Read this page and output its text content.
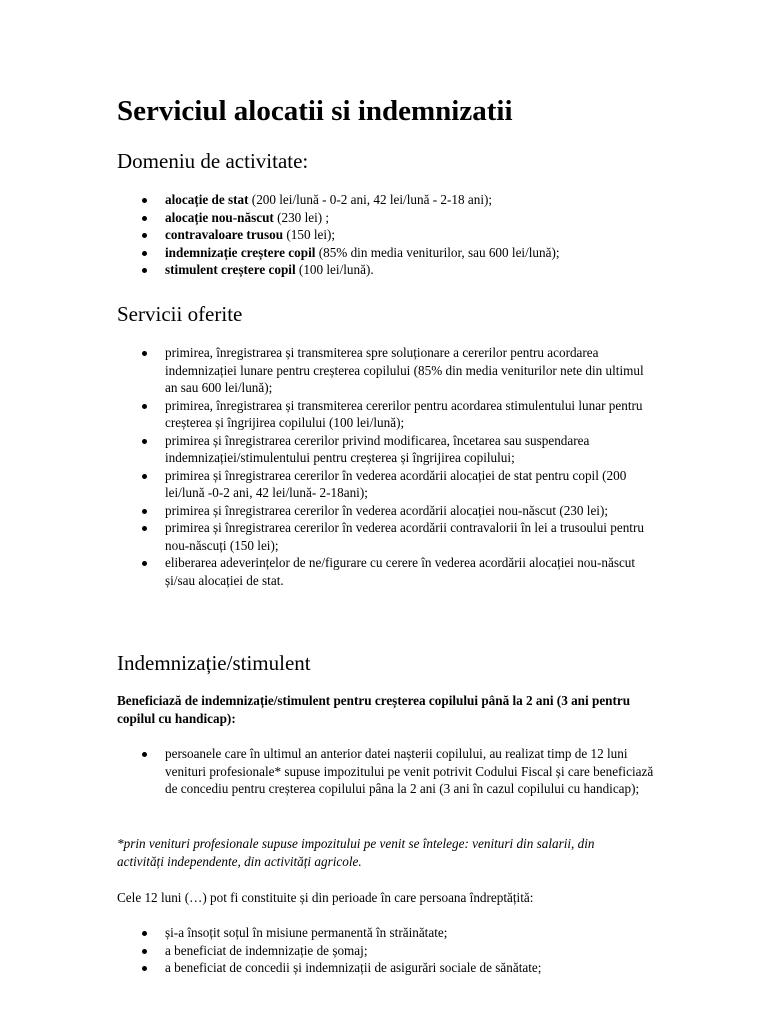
Serviciul alocatii si indemnizatii
Domeniu de activitate:
alocație de stat (200 lei/lună - 0-2 ani, 42 lei/lună - 2-18 ani);
alocație nou-născut (230 lei) ;
contravaloare trusou (150 lei);
indemnizație creștere copil (85% din media veniturilor, sau 600 lei/lună);
stimulent creștere copil (100 lei/lună).
Servicii oferite
primirea, înregistrarea și transmiterea spre soluționare a cererilor pentru acordarea indemnizației lunare pentru creșterea copilului (85% din media veniturilor nete din ultimul an sau 600 lei/lună);
primirea, înregistrarea și transmiterea cererilor pentru acordarea stimulentului lunar pentru creșterea și îngrijirea copilului (100 lei/lună);
primirea și înregistrarea cererilor privind modificarea, încetarea sau suspendarea indemnizației/stimulentului pentru creșterea și îngrijirea copilului;
primirea și înregistrarea cererilor în vederea acordării alocației de stat pentru copil (200 lei/lună -0-2 ani, 42 lei/lună- 2-18ani);
primirea și înregistrarea cererilor în vederea acordării alocației nou-născut (230 lei);
primirea și înregistrarea cererilor în vederea acordării contravalorii în lei a trusoului pentru nou-născuți (150 lei);
eliberarea adeverințelor de ne/figurare cu cerere în vederea acordării alocației nou-născut și/sau alocației de stat.
Indemnizație/stimulent
Beneficiază de indemnizație/stimulent pentru creșterea copilului până la 2 ani (3 ani pentru copilul cu handicap):
persoanele care în ultimul an anterior datei nașterii copilului, au realizat timp de 12 luni venituri profesionale* supuse impozitului pe venit potrivit Codului Fiscal și care beneficiază de concediu pentru creșterea copilului pâna la 2 ani (3 ani în cazul copilului cu handicap);
*prin venituri profesionale supuse impozitului pe venit se întelege: venituri din salarii, din activități independente, din activități agricole.
Cele 12 luni (…) pot fi constituite și din perioade în care persoana îndreptățită:
și-a însoțit soțul în misiune permanentă în străinătate;
a beneficiat de indemnizație de șomaj;
a beneficiat de concedii și indemnizații de asigurări sociale de sănătate;
